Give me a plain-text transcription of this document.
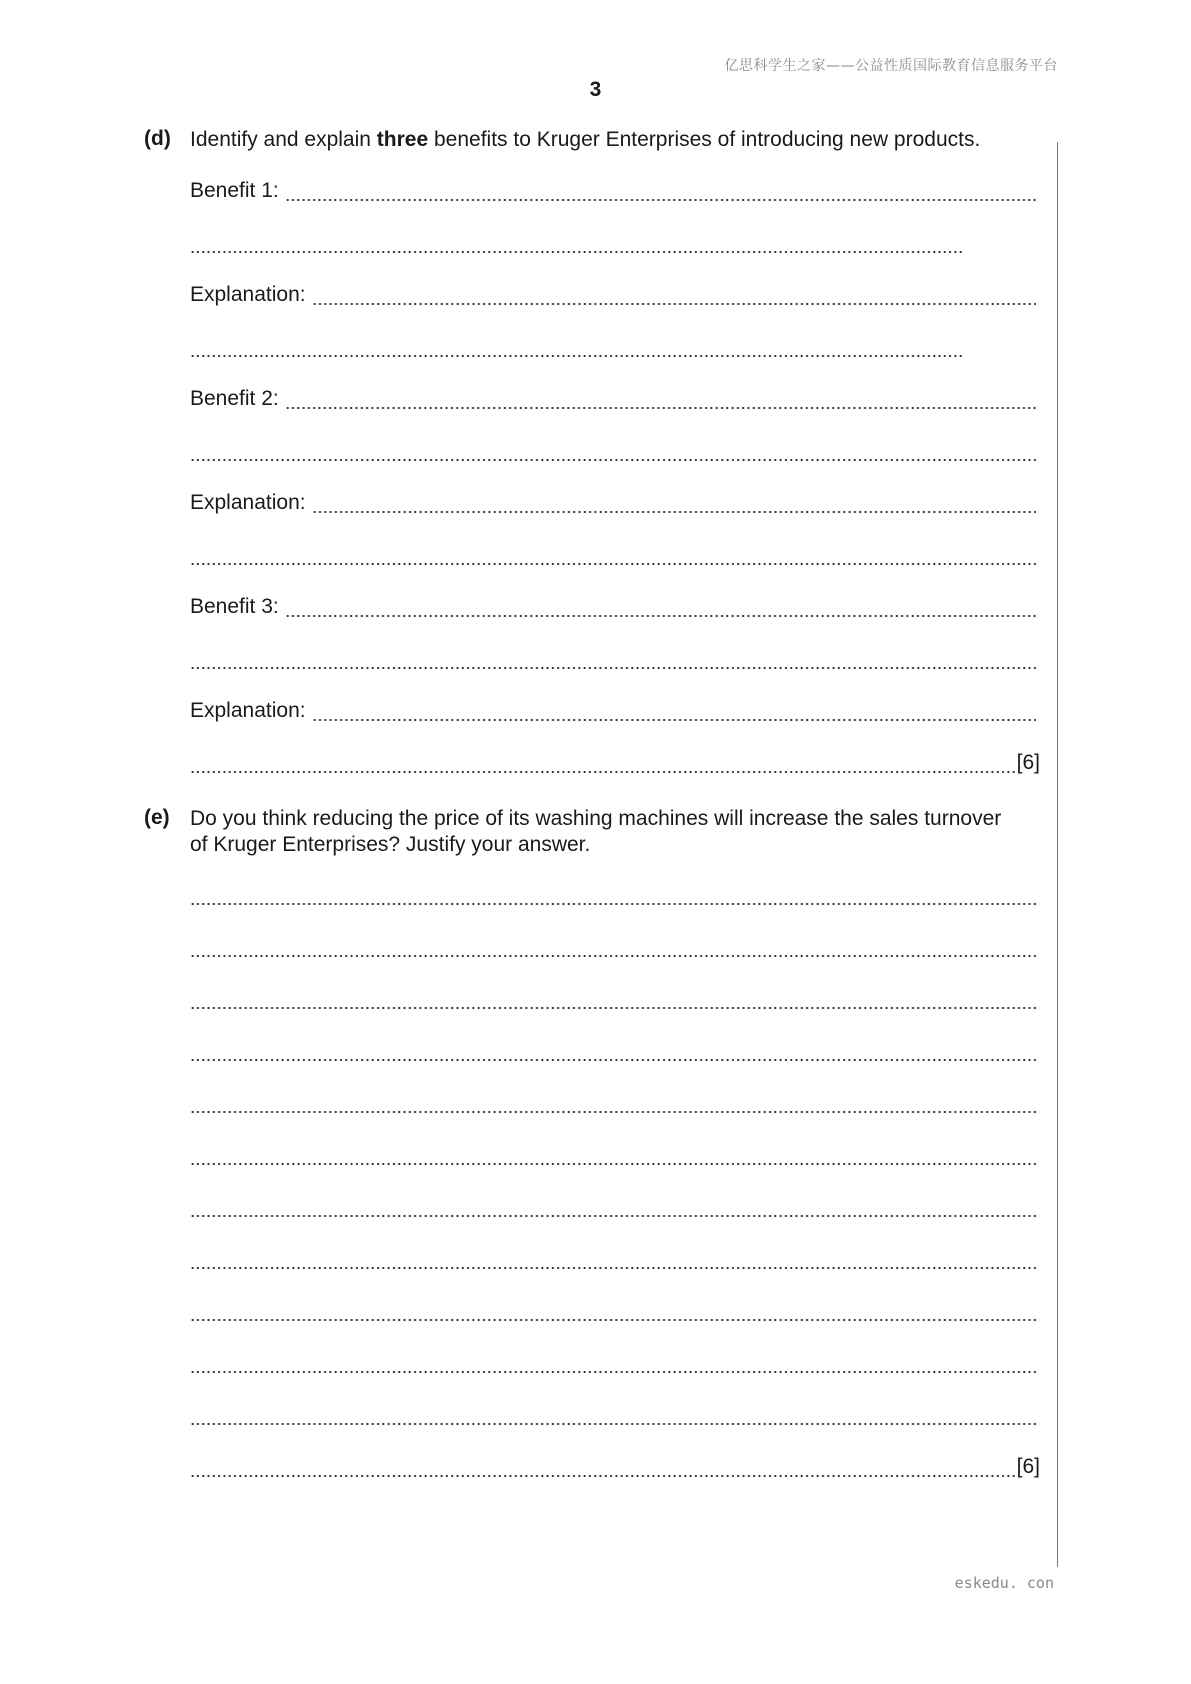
亿思科学生之家——公益性质国际教育信息服务平台
3
(d) Identify and explain three benefits to Kruger Enterprises of introducing new products.
Benefit 1:
Explanation:
Benefit 2:
Explanation:
Benefit 3:
Explanation:
[6]
(e) Do you think reducing the price of its washing machines will increase the sales turnover
of Kruger Enterprises? Justify your answer.
[6]
eskedu. con
